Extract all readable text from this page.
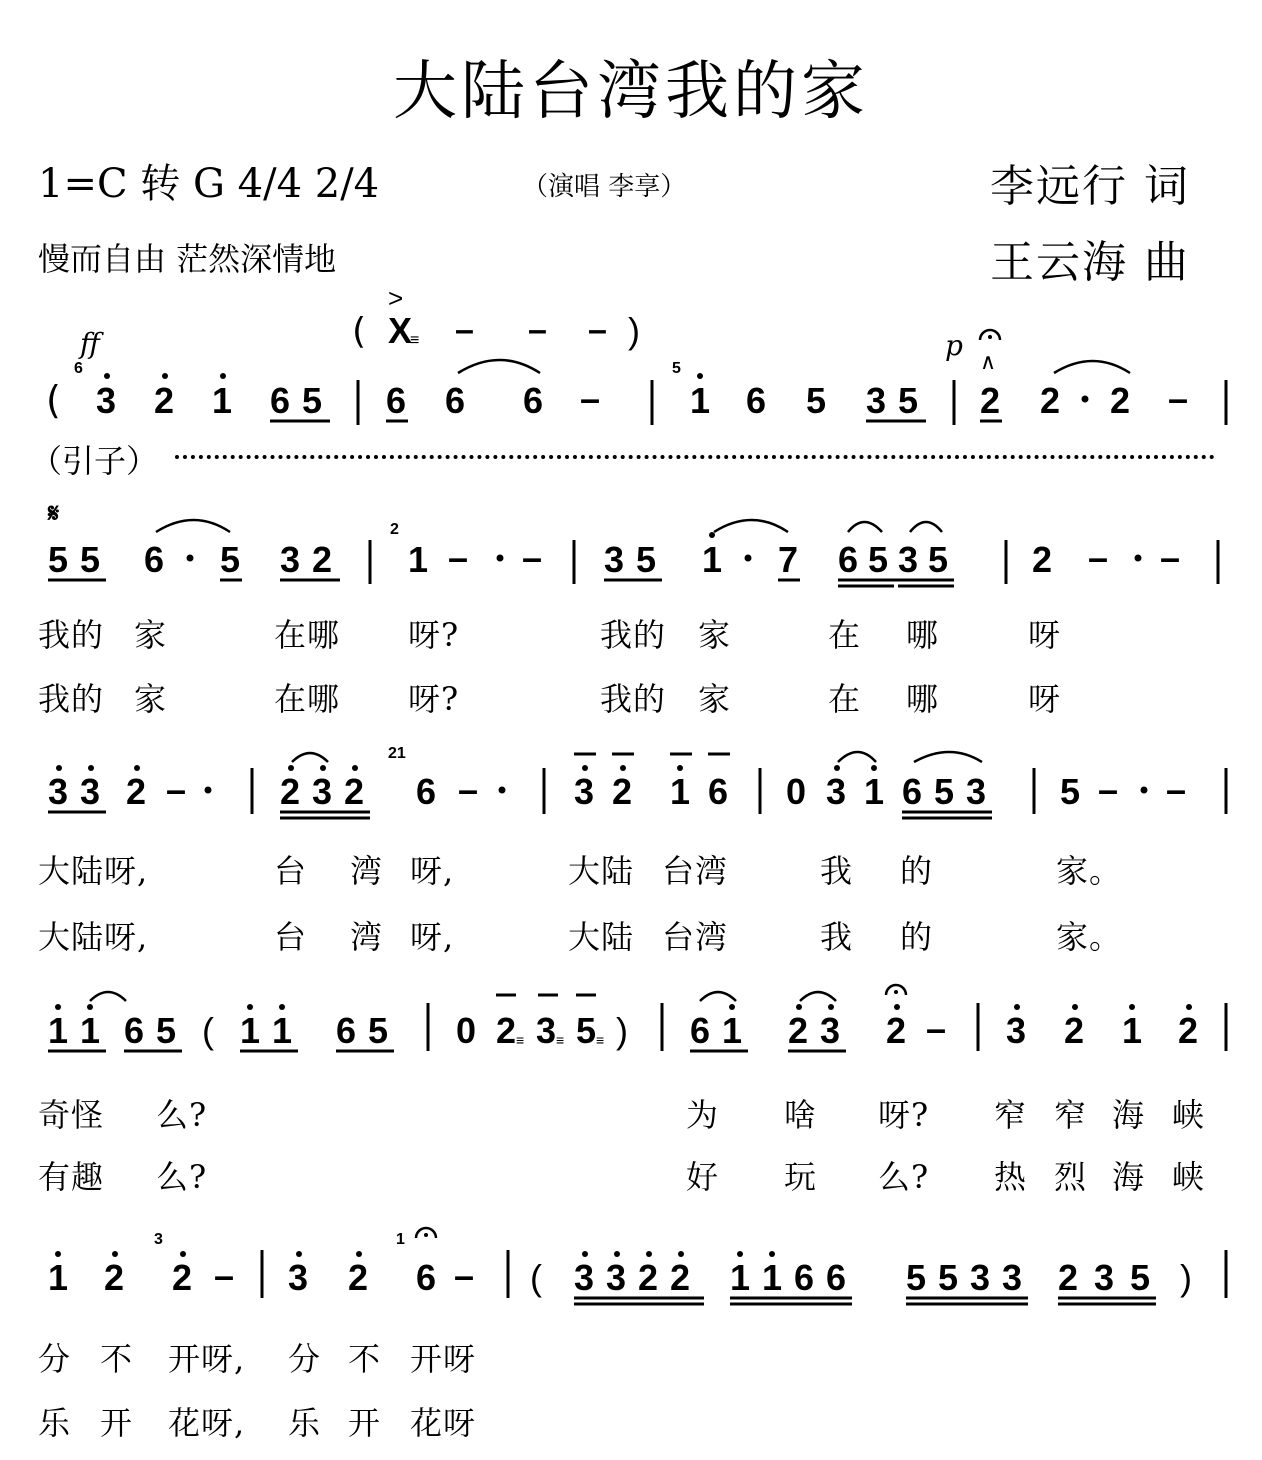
大陆台湾我的家
1=C 转 G 4/4 2/4	（演唱 李享）	李远行 词
慢而自由 茫然深情地	王云海 曲
(
>
X
≡ – – – )
ff	p ∧
(
6
3 2 1 6 5 6 6 6 –
5
1 6 5 3 5 2 2 2 –
（引子）
𝄋
5 5 6 5 3 2
2
1 – – 3 5 1 7 6 5 3 5 2 – –
我的 家	在哪 呀?	我的 家	在 哪	呀
我的 家	在哪 呀?	我的 家	在 哪	呀
3 3 2 –	2 3 2
21
6 –	3 2 1 6 0 3 1 6 5 3 5 – –
大陆呀,	台 湾 呀,	大陆 台湾	我 的	家。
大陆呀,	台 湾 呀,	大陆 台湾	我 的	家。
1 1 6 5 ( 1 1 6 5 0 2 ≡ 3 ≡ 5 ≡ ) 6 1 2 3 2 – 3 2 1 2
奇怪 么?	为 啥 呀? 窄 窄 海 峡
有趣 么?	好 玩 么? 热 烈 海 峡
1 2
3
2 – 3 2
1
6 – ( 3 3 2 2 1 1 6 6 5 5 3 3 2 3 5 )
分 不 开呀, 分 不 开呀
乐 开 花呀, 乐 开 花呀
